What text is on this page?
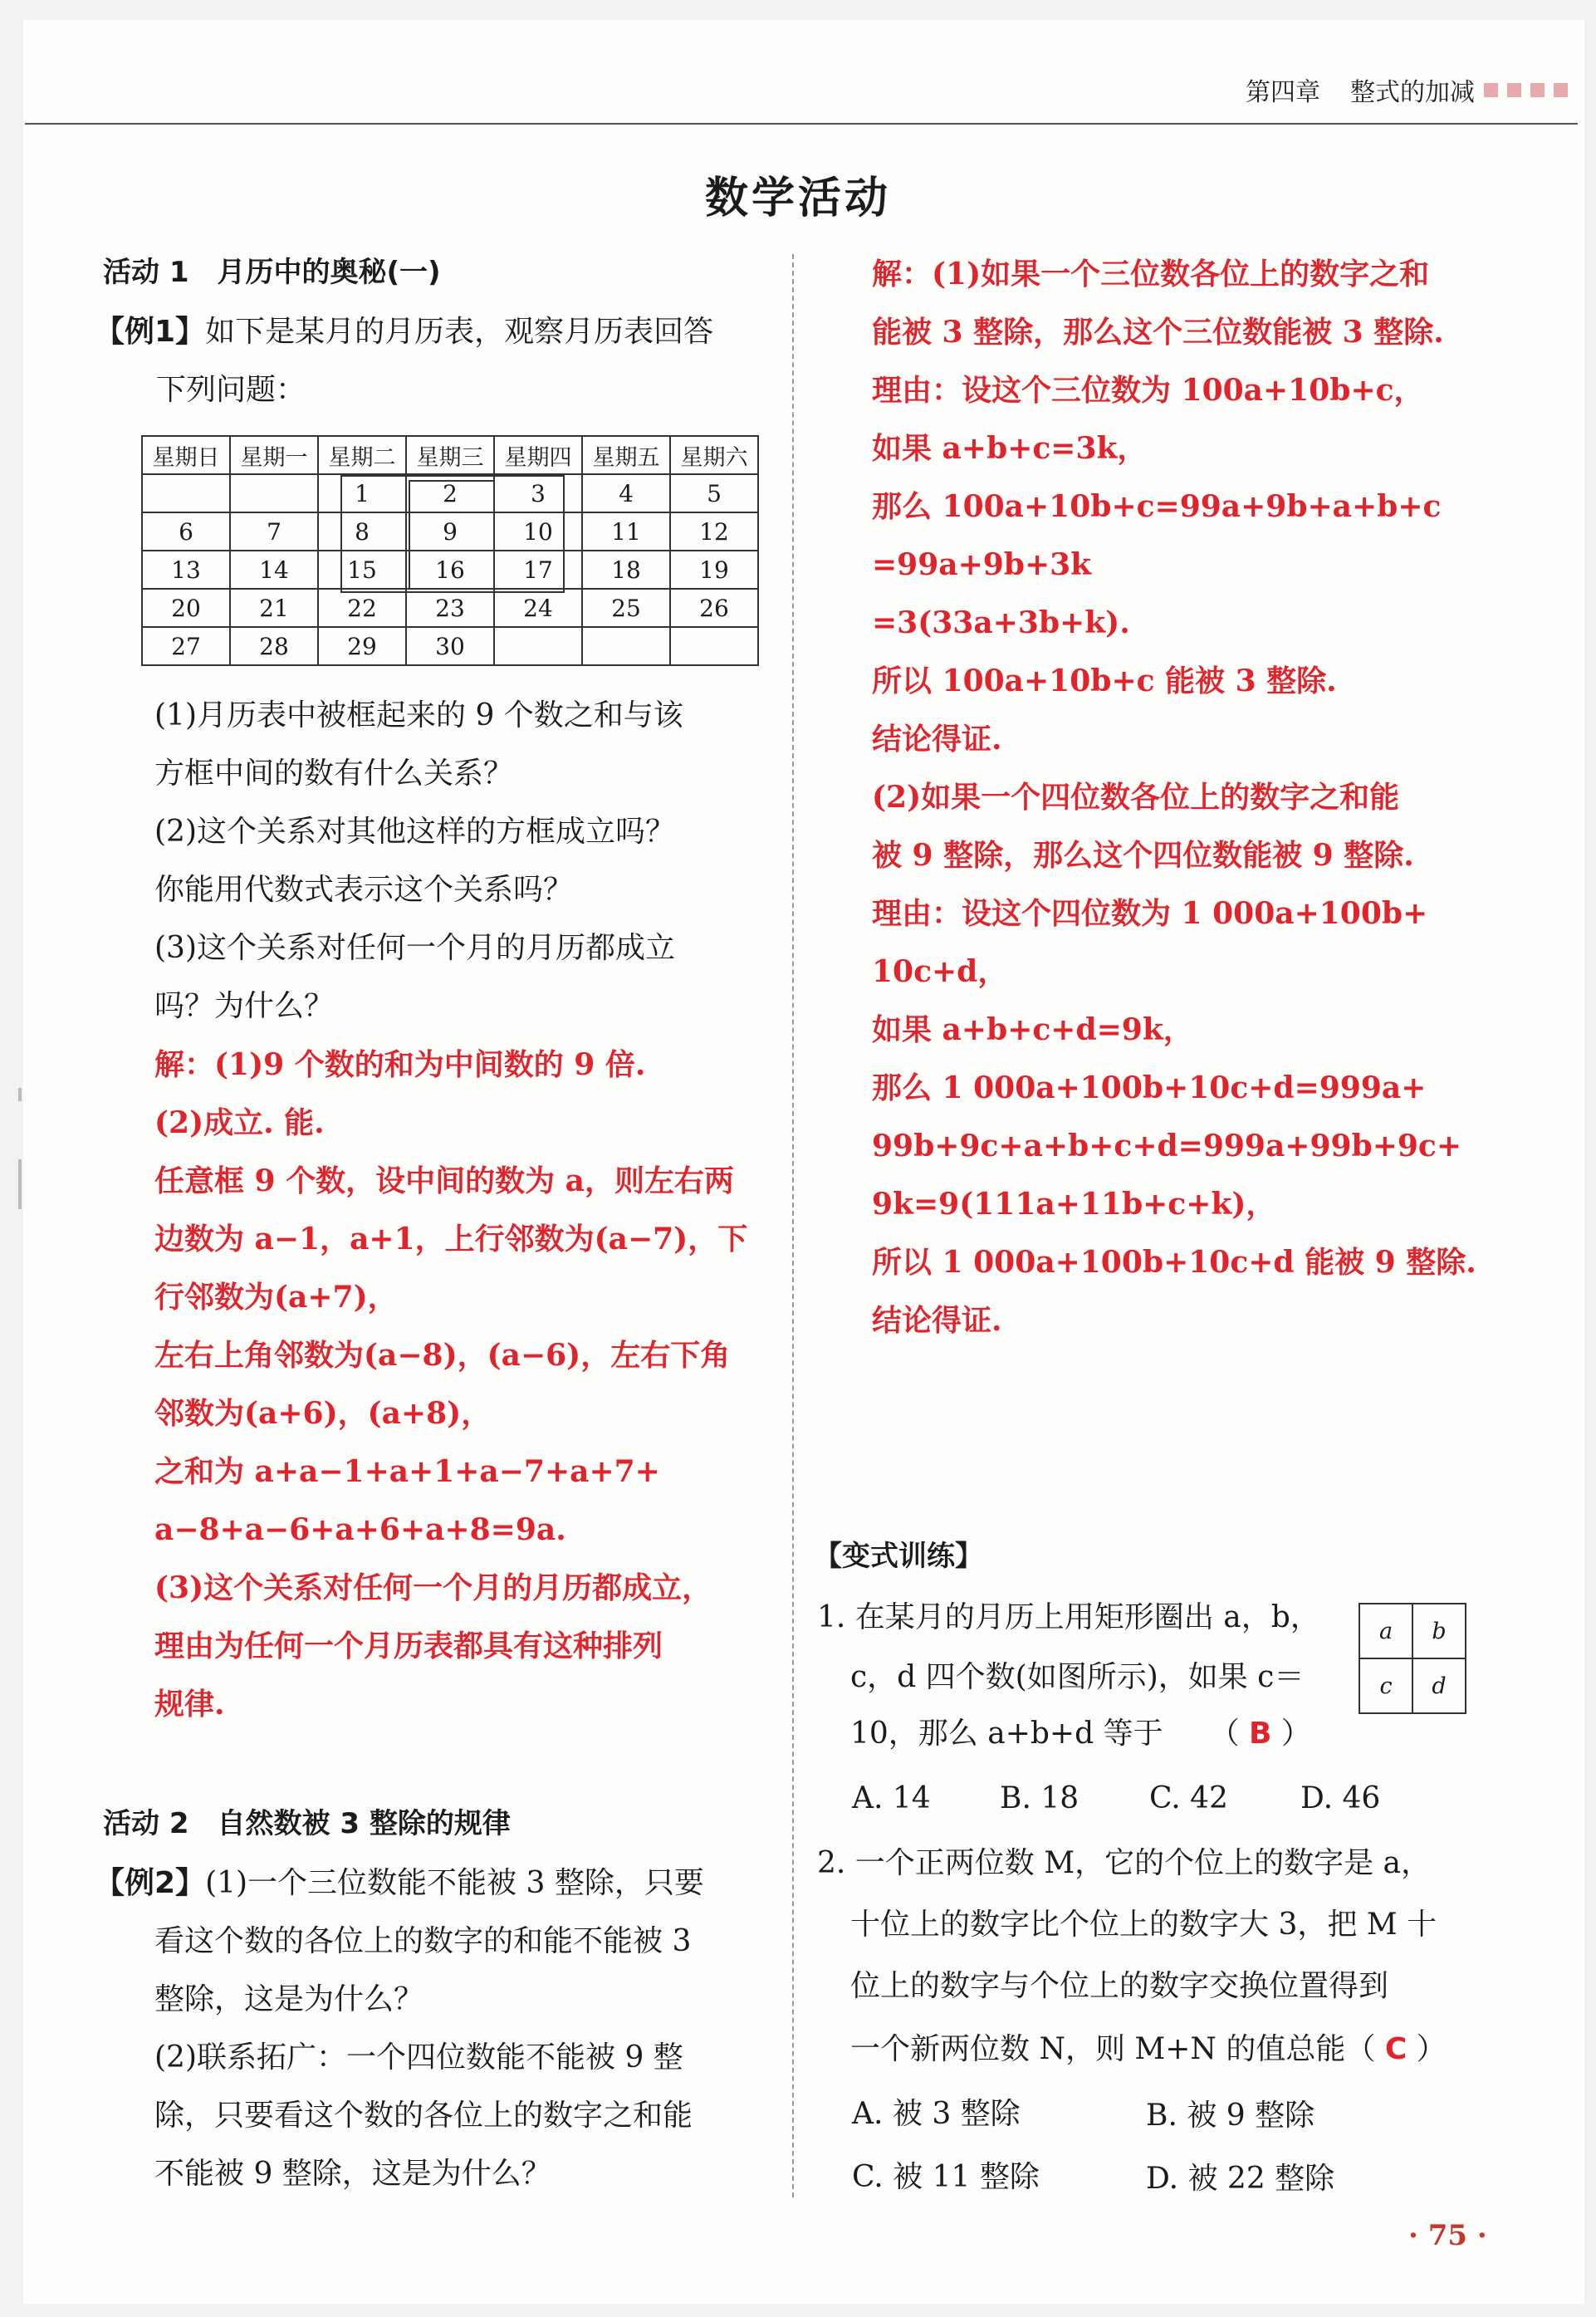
第四章 整式的加减
数学活动
活动 1　月历中的奥秘(一)
【例1】如下是某月的月历表，观察月历表回答
下列问题：
星期日	星期一	星期二	星期三	星期四	星期五	星期六
		1	2	3	4	5
6	7	8	9	10	11	12
13	14	15	16	17	18	19
20	21	22	23	24	25	26
27	28	29	30			
(1)月历表中被框起来的 9 个数之和与该
方框中间的数有什么关系？
(2)这个关系对其他这样的方框成立吗？
你能用代数式表示这个关系吗？
(3)这个关系对任何一个月的月历都成立
吗？为什么？
解：(1)9 个数的和为中间数的 9 倍.
(2)成立. 能.
任意框 9 个数，设中间的数为 a，则左右两
边数为 a−1，a+1，上行邻数为(a−7)，下
行邻数为(a+7)，
左右上角邻数为(a−8)，(a−6)，左右下角
邻数为(a+6)，(a+8)，
之和为 a+a−1+a+1+a−7+a+7+
a−8+a−6+a+6+a+8=9a.
(3)这个关系对任何一个月的月历都成立，
理由为任何一个月历表都具有这种排列
规律.
活动 2　自然数被 3 整除的规律
【例2】(1)一个三位数能不能被 3 整除，只要
看这个数的各位上的数字的和能不能被 3
整除，这是为什么？
(2)联系拓广：一个四位数能不能被 9 整
除，只要看这个数的各位上的数字之和能
不能被 9 整除，这是为什么？
解：(1)如果一个三位数各位上的数字之和
能被 3 整除，那么这个三位数能被 3 整除.
理由：设这个三位数为 100a+10b+c，
如果 a+b+c=3k，
那么 100a+10b+c=99a+9b+a+b+c
=99a+9b+3k
=3(33a+3b+k).
所以 100a+10b+c 能被 3 整除.
结论得证.
(2)如果一个四位数各位上的数字之和能
被 9 整除，那么这个四位数能被 9 整除.
理由：设这个四位数为 1 000a+100b+
10c+d，
如果 a+b+c+d=9k，
那么 1 000a+100b+10c+d=999a+
99b+9c+a+b+c+d=999a+99b+9c+
9k=9(111a+11b+c+k)，
所以 1 000a+100b+10c+d 能被 9 整除.
结论得证.
【变式训练】
1. 在某月的月历上用矩形圈出 a，b，
c，d 四个数(如图所示)，如果 c＝
10，那么 a+b+d 等于 （ B ）
a	b
c	d
A. 14 B. 18 C. 42 D. 46
2. 一个正两位数 M，它的个位上的数字是 a，
十位上的数字比个位上的数字大 3，把 M 十
位上的数字与个位上的数字交换位置得到
一个新两位数 N，则 M+N 的值总能（ C ）
A. 被 3 整除	B. 被 9 整除
C. 被 11 整除	D. 被 22 整除
· 75 ·
